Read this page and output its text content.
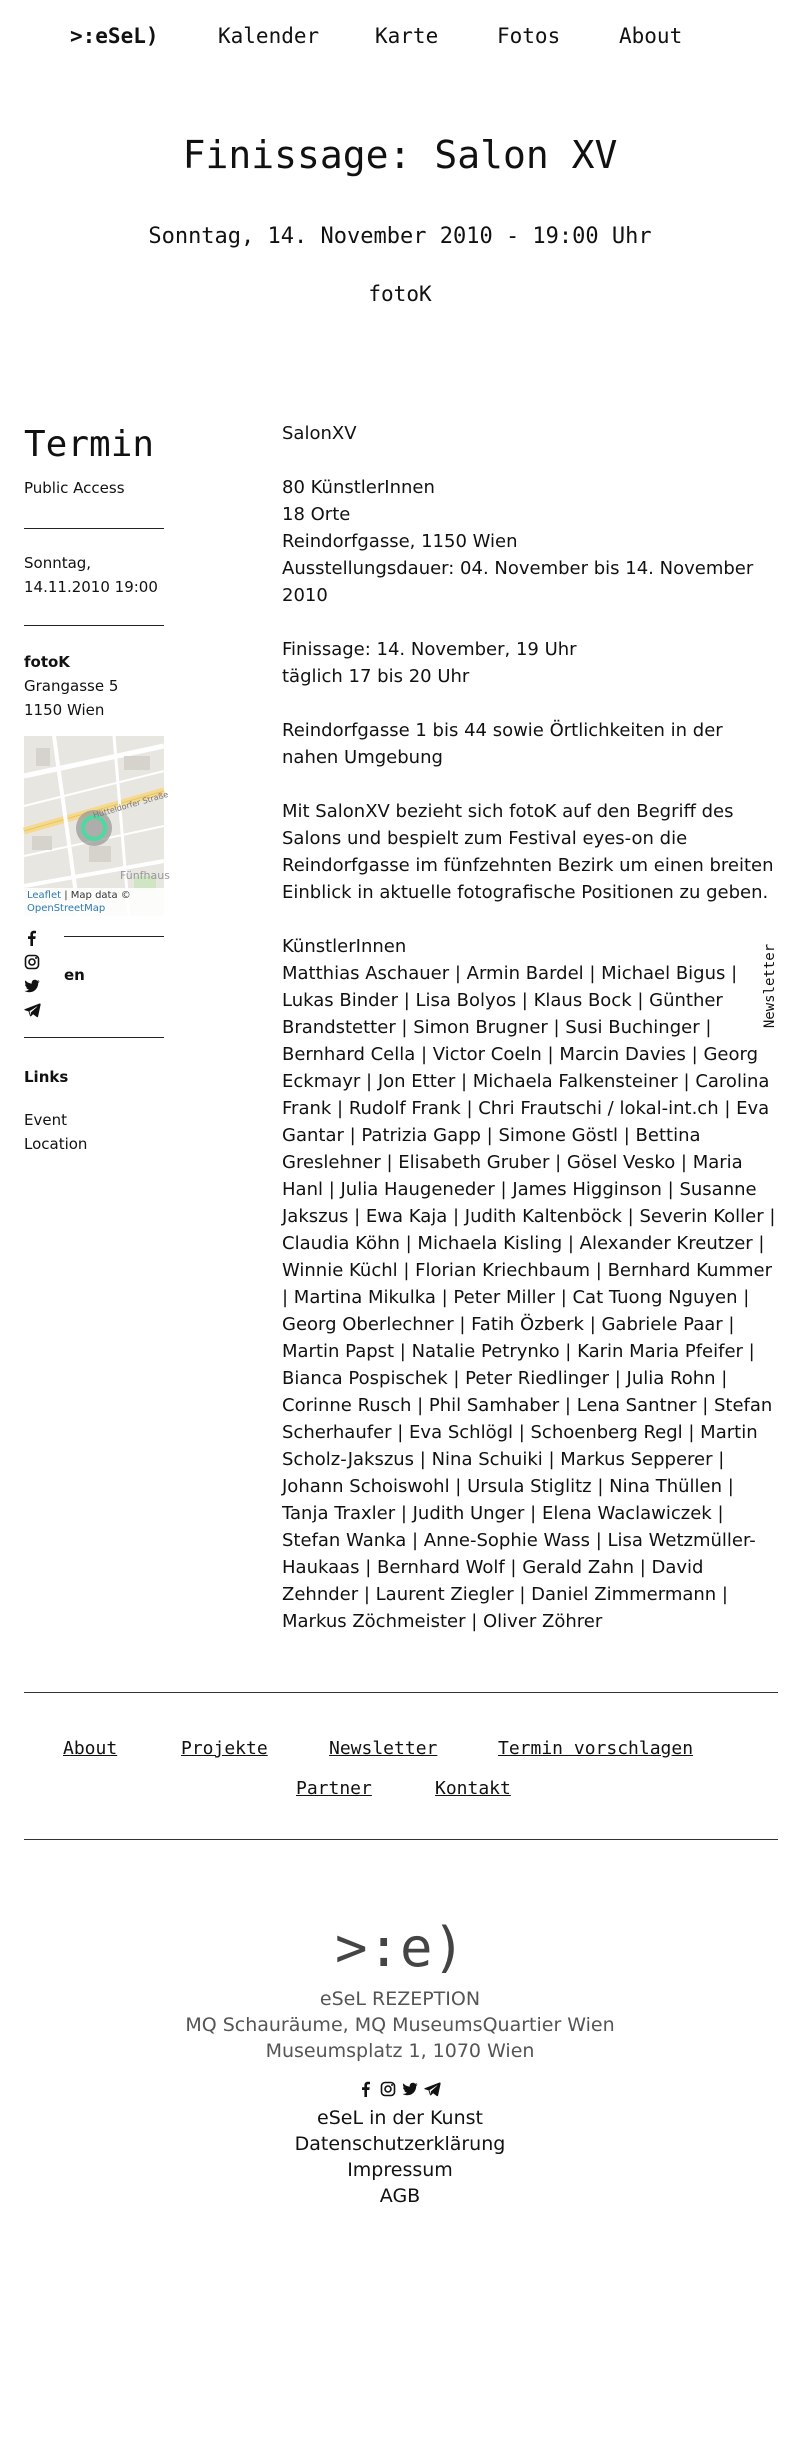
>:eSeL)	Kalender	Karte	Fotos	About
Finissage: Salon XV
Sonntag, 14. November 2010 - 19:00 Uhr
fotoK
Termin
Public Access
Sonntag,
14.11.2010 19:00
fotoK
Grangasse 5
1150 Wien
Hütteldorfer Straße
Fünfhaus
Leaflet | Map data ©
OpenStreetMap
en
Links
Event
Location

SalonXV

80 KünstlerInnen
18 Orte
Reindorfgasse, 1150 Wien
Ausstellungsdauer: 04. November bis 14. November 2010

Finissage: 14. November, 19 Uhr
täglich 17 bis 20 Uhr

Reindorfgasse 1 bis 44 sowie Örtlichkeiten in der nahen Umgebung

Mit SalonXV bezieht sich fotoK auf den Begriff des Salons und bespielt zum Festival eyes-on die Reindorfgasse im fünfzehnten Bezirk um einen breiten Einblick in aktuelle fotografische Positionen zu geben.

KünstlerInnen

Matthias Aschauer | Armin Bardel | Michael Bigus | Lukas Binder | Lisa Bolyos | Klaus Bock | Günther Brandstetter | Simon Brugner | Susi Buchinger | Bernhard Cella | Victor Coeln | Marcin Davies | Georg Eckmayr | Jon Etter | Michaela Falkensteiner | Carolina Frank | Rudolf Frank | Chri Frautschi / lokal-int.ch | Eva Gantar | Patrizia Gapp | Simone Göstl | Bettina Greslehner | Elisabeth Gruber | Gösel Vesko | Maria Hanl | Julia Haugeneder | James Higginson | Susanne Jakszus | Ewa Kaja | Judith Kaltenböck | Severin Koller | Claudia Köhn | Michaela Kisling | Alexander Kreutzer | Winnie Küchl | Florian Kriechbaum | Bernhard Kummer | Martina Mikulka | Peter Miller | Cat Tuong Nguyen | Georg Oberlechner | Fatih Özberk | Gabriele Paar | Martin Papst | Natalie Petrynko | Karin Maria Pfeifer | Bianca Pospischek | Peter Riedlinger | Julia Rohn | Corinne Rusch | Phil Samhaber | Lena Santner | Stefan Scherhaufer | Eva Schlögl | Schoenberg Regl | Martin Scholz-Jakszus | Nina Schuiki | Markus Sepperer | Johann Schoiswohl | Ursula Stiglitz | Nina Thüllen | Tanja Traxler | Judith Unger | Elena Waclawiczek | Stefan Wanka | Anne-Sophie Wass | Lisa Wetzmüller-Haukaas | Bernhard Wolf | Gerald Zahn | David Zehnder | Laurent Ziegler | Daniel Zimmermann | Markus Zöchmeister | Oliver Zöhrer

Newsletter
About	Projekte	Newsletter	Termin vorschlagen
Partner	Kontakt
>:e)
eSeL REZEPTION
MQ Schauräume, MQ MuseumsQuartier Wien
Museumsplatz 1, 1070 Wien
eSeL in der Kunst
Datenschutzerklärung
Impressum
AGB
